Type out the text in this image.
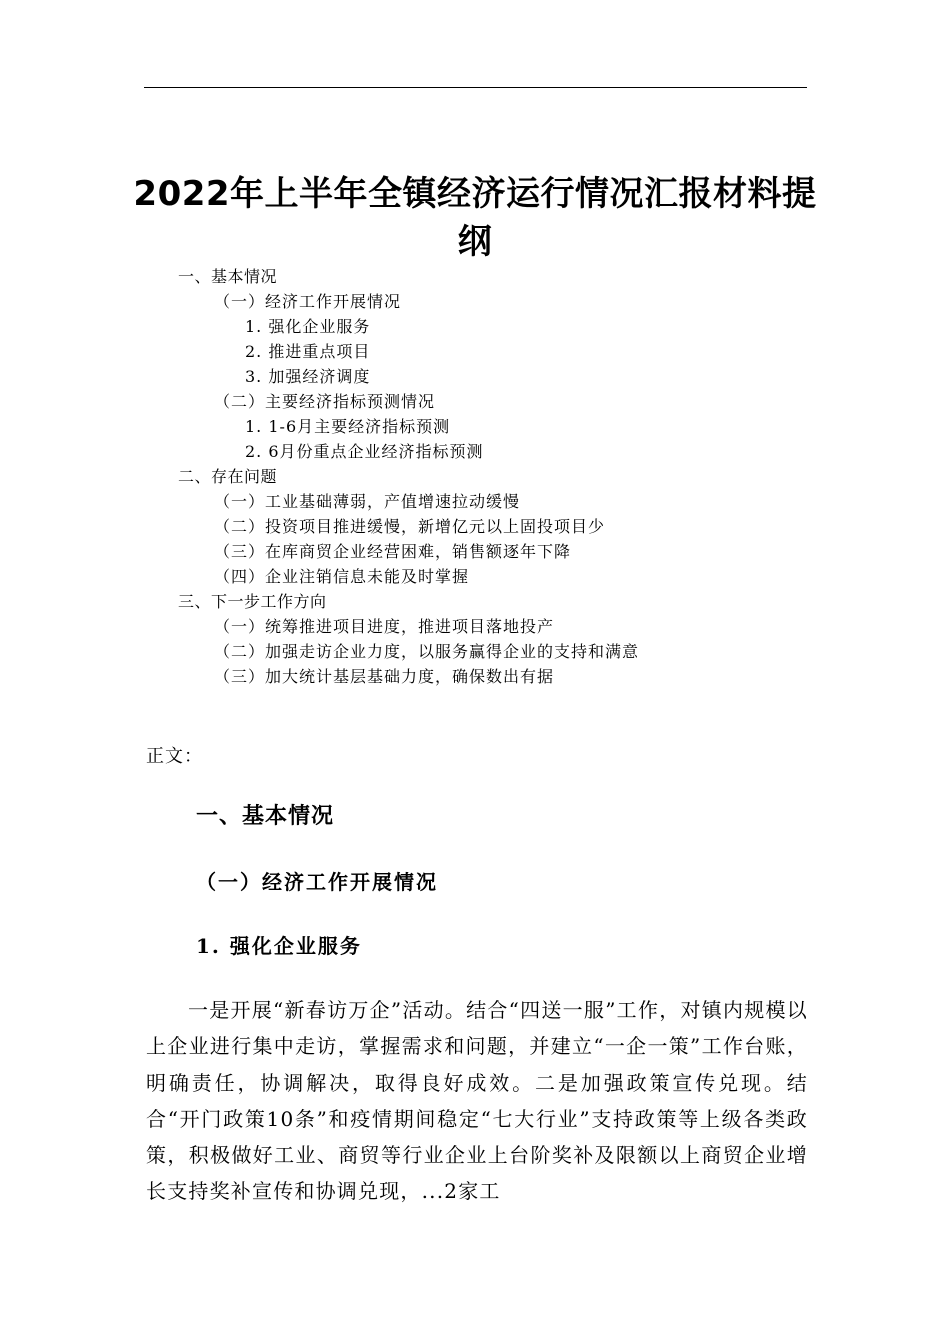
2022年上半年全镇经济运行情况汇报材料提纲
一、基本情况
（一）经济工作开展情况
1. 强化企业服务
2. 推进重点项目
3. 加强经济调度
（二）主要经济指标预测情况
1. 1-6月主要经济指标预测
2. 6月份重点企业经济指标预测
二、存在问题
（一）工业基础薄弱，产值增速拉动缓慢
（二）投资项目推进缓慢，新增亿元以上固投项目少
（三）在库商贸企业经营困难，销售额逐年下降
（四）企业注销信息未能及时掌握
三、下一步工作方向
（一）统筹推进项目进度，推进项目落地投产
（二）加强走访企业力度，以服务赢得企业的支持和满意
（三）加大统计基层基础力度，确保数出有据
正文：
一、基本情况
（一）经济工作开展情况
1. 强化企业服务

一是开展“新春访万企”活动。结合“四送一服”工作，对镇内规模以上企业进行集中走访，掌握需求和问题，并建立“一企一策”工作台账，明确责任，协调解决，取得良好成效。二是加强政策宣传兑现。结合“开门政策10条”和疫情期间稳定“七大行业”支持政策等上级各类政策，积极做好工业、商贸等行业企业上台阶奖补及限额以上商贸企业增长支持奖补宣传和协调兑现，...2家工
